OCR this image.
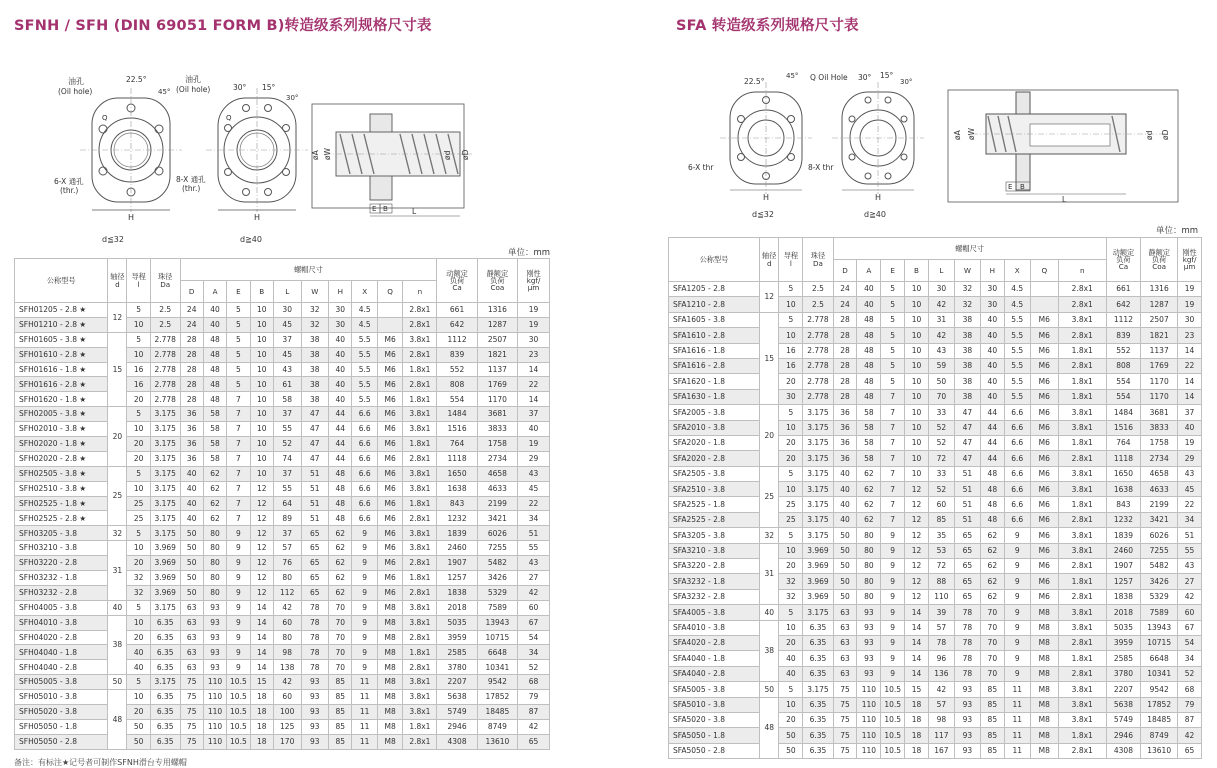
SFNH / SFH (DIN 69051 FORM B)转造级系列规格尺寸表	SFA 转造级系列规格尺寸表
H
22.5°
45°
油孔
(Oil hole)
6-X 通孔
(thr.)
Q
d≦32
H
30° 15°
30°
油孔
(Oil hole)
8-X 通孔
(thr.)
Q
d≧40
øA øW	ød øD
E B	L
H
22.5°
45°
6-X thr
d≦32
H
Q Oil Hole 30° 15°
30°
8-X thr
d≧40
øA øW	ød øD
E B
L
单位：mm
单位：mm
公称型号	轴径
d	导程
l	珠径
Da	螺帽尺寸										动额定
负荷
Ca	静额定
负荷
Coa	刚性
kgf/
μm
				D	A	E	B	L	W	H	X	Q	n			
SFH01205 - 2.8 ★	12	5	2.5	24	40	5	10	30	32	30	4.5		2.8x1	661	1316	19
SFH01210 - 2.8 ★		10	2.5	24	40	5	10	45	32	30	4.5		2.8x1	642	1287	19
SFH01605 - 3.8 ★	15	5	2.778	28	48	5	10	37	38	40	5.5	M6	3.8x1	1112	2507	30
SFH01610 - 2.8 ★		10	2.778	28	48	5	10	45	38	40	5.5	M6	2.8x1	839	1821	23
SFH01616 - 1.8 ★		16	2.778	28	48	5	10	43	38	40	5.5	M6	1.8x1	552	1137	14
SFH01616 - 2.8 ★		16	2.778	28	48	5	10	61	38	40	5.5	M6	2.8x1	808	1769	22
SFH01620 - 1.8 ★		20	2.778	28	48	7	10	58	38	40	5.5	M6	1.8x1	554	1170	14
SFH02005 - 3.8 ★	20	5	3.175	36	58	7	10	37	47	44	6.6	M6	3.8x1	1484	3681	37
SFH02010 - 3.8 ★		10	3.175	36	58	7	10	55	47	44	6.6	M6	3.8x1	1516	3833	40
SFH02020 - 1.8 ★		20	3.175	36	58	7	10	52	47	44	6.6	M6	1.8x1	764	1758	19
SFH02020 - 2.8 ★		20	3.175	36	58	7	10	74	47	44	6.6	M6	2.8x1	1118	2734	29
SFH02505 - 3.8 ★	25	5	3.175	40	62	7	10	37	51	48	6.6	M6	3.8x1	1650	4658	43
SFH02510 - 3.8 ★		10	3.175	40	62	7	12	55	51	48	6.6	M6	3.8x1	1638	4633	45
SFH02525 - 1.8 ★		25	3.175	40	62	7	12	64	51	48	6.6	M6	1.8x1	843	2199	22
SFH02525 - 2.8 ★		25	3.175	40	62	7	12	89	51	48	6.6	M6	2.8x1	1232	3421	34
SFH03205 - 3.8	32	5	3.175	50	80	9	12	37	65	62	9	M6	3.8x1	1839	6026	51
SFH03210 - 3.8	31	10	3.969	50	80	9	12	57	65	62	9	M6	3.8x1	2460	7255	55
SFH03220 - 2.8		20	3.969	50	80	9	12	76	65	62	9	M6	2.8x1	1907	5482	43
SFH03232 - 1.8		32	3.969	50	80	9	12	80	65	62	9	M6	1.8x1	1257	3426	27
SFH03232 - 2.8		32	3.969	50	80	9	12	112	65	62	9	M6	2.8x1	1838	5329	42
SFH04005 - 3.8	40	5	3.175	63	93	9	14	42	78	70	9	M8	3.8x1	2018	7589	60
SFH04010 - 3.8	38	10	6.35	63	93	9	14	60	78	70	9	M8	3.8x1	5035	13943	67
SFH04020 - 2.8		20	6.35	63	93	9	14	80	78	70	9	M8	2.8x1	3959	10715	54
SFH04040 - 1.8		40	6.35	63	93	9	14	98	78	70	9	M8	1.8x1	2585	6648	34
SFH04040 - 2.8		40	6.35	63	93	9	14	138	78	70	9	M8	2.8x1	3780	10341	52
SFH05005 - 3.8	50	5	3.175	75	110	10.5	15	42	93	85	11	M8	3.8x1	2207	9542	68
SFH05010 - 3.8	48	10	6.35	75	110	10.5	18	60	93	85	11	M8	3.8x1	5638	17852	79
SFH05020 - 3.8		20	6.35	75	110	10.5	18	100	93	85	11	M8	3.8x1	5749	18485	87
SFH05050 - 1.8		50	6.35	75	110	10.5	18	125	93	85	11	M8	1.8x1	2946	8749	42
SFH05050 - 2.8		50	6.35	75	110	10.5	18	170	93	85	11	M8	2.8x1	4308	13610	65
公称型号	轴径
d	导程
l	珠径
Da	螺帽尺寸										动额定
负荷
Ca	静额定
负荷
Coa	刚性
kgf/
μm
				D	A	E	B	L	W	H	X	Q	n			
SFA1205 - 2.8	12	5	2.5	24	40	5	10	30	32	30	4.5		2.8x1	661	1316	19
SFA1210 - 2.8		10	2.5	24	40	5	10	42	32	30	4.5		2.8x1	642	1287	19
SFA1605 - 3.8	15	5	2.778	28	48	5	10	31	38	40	5.5	M6	3.8x1	1112	2507	30
SFA1610 - 2.8		10	2.778	28	48	5	10	42	38	40	5.5	M6	2.8x1	839	1821	23
SFA1616 - 1.8		16	2.778	28	48	5	10	43	38	40	5.5	M6	1.8x1	552	1137	14
SFA1616 - 2.8		16	2.778	28	48	5	10	59	38	40	5.5	M6	2.8x1	808	1769	22
SFA1620 - 1.8		20	2.778	28	48	5	10	50	38	40	5.5	M6	1.8x1	554	1170	14
SFA1630 - 1.8		30	2.778	28	48	7	10	70	38	40	5.5	M6	1.8x1	554	1170	14
SFA2005 - 3.8	20	5	3.175	36	58	7	10	33	47	44	6.6	M6	3.8x1	1484	3681	37
SFA2010 - 3.8		10	3.175	36	58	7	10	52	47	44	6.6	M6	3.8x1	1516	3833	40
SFA2020 - 1.8		20	3.175	36	58	7	10	52	47	44	6.6	M6	1.8x1	764	1758	19
SFA2020 - 2.8		20	3.175	36	58	7	10	72	47	44	6.6	M6	2.8x1	1118	2734	29
SFA2505 - 3.8	25	5	3.175	40	62	7	10	33	51	48	6.6	M6	3.8x1	1650	4658	43
SFA2510 - 3.8		10	3.175	40	62	7	12	52	51	48	6.6	M6	3.8x1	1638	4633	45
SFA2525 - 1.8		25	3.175	40	62	7	12	60	51	48	6.6	M6	1.8x1	843	2199	22
SFA2525 - 2.8		25	3.175	40	62	7	12	85	51	48	6.6	M6	2.8x1	1232	3421	34
SFA3205 - 3.8	32	5	3.175	50	80	9	12	35	65	62	9	M6	3.8x1	1839	6026	51
SFA3210 - 3.8	31	10	3.969	50	80	9	12	53	65	62	9	M6	3.8x1	2460	7255	55
SFA3220 - 2.8		20	3.969	50	80	9	12	72	65	62	9	M6	2.8x1	1907	5482	43
SFA3232 - 1.8		32	3.969	50	80	9	12	88	65	62	9	M6	1.8x1	1257	3426	27
SFA3232 - 2.8		32	3.969	50	80	9	12	110	65	62	9	M6	2.8x1	1838	5329	42
SFA4005 - 3.8	40	5	3.175	63	93	9	14	39	78	70	9	M8	3.8x1	2018	7589	60
SFA4010 - 3.8	38	10	6.35	63	93	9	14	57	78	70	9	M8	3.8x1	5035	13943	67
SFA4020 - 2.8		20	6.35	63	93	9	14	78	78	70	9	M8	2.8x1	3959	10715	54
SFA4040 - 1.8		40	6.35	63	93	9	14	96	78	70	9	M8	1.8x1	2585	6648	34
SFA4040 - 2.8		40	6.35	63	93	9	14	136	78	70	9	M8	2.8x1	3780	10341	52
SFA5005 - 3.8	50	5	3.175	75	110	10.5	15	42	93	85	11	M8	3.8x1	2207	9542	68
SFA5010 - 3.8	48	10	6.35	75	110	10.5	18	57	93	85	11	M8	3.8x1	5638	17852	79
SFA5020 - 3.8		20	6.35	75	110	10.5	18	98	93	85	11	M8	3.8x1	5749	18485	87
SFA5050 - 1.8		50	6.35	75	110	10.5	18	117	93	85	11	M8	1.8x1	2946	8749	42
SFA5050 - 2.8		50	6.35	75	110	10.5	18	167	93	85	11	M8	2.8x1	4308	13610	65
备注：有标注★记号者可制作SFNH滑台专用螺帽
